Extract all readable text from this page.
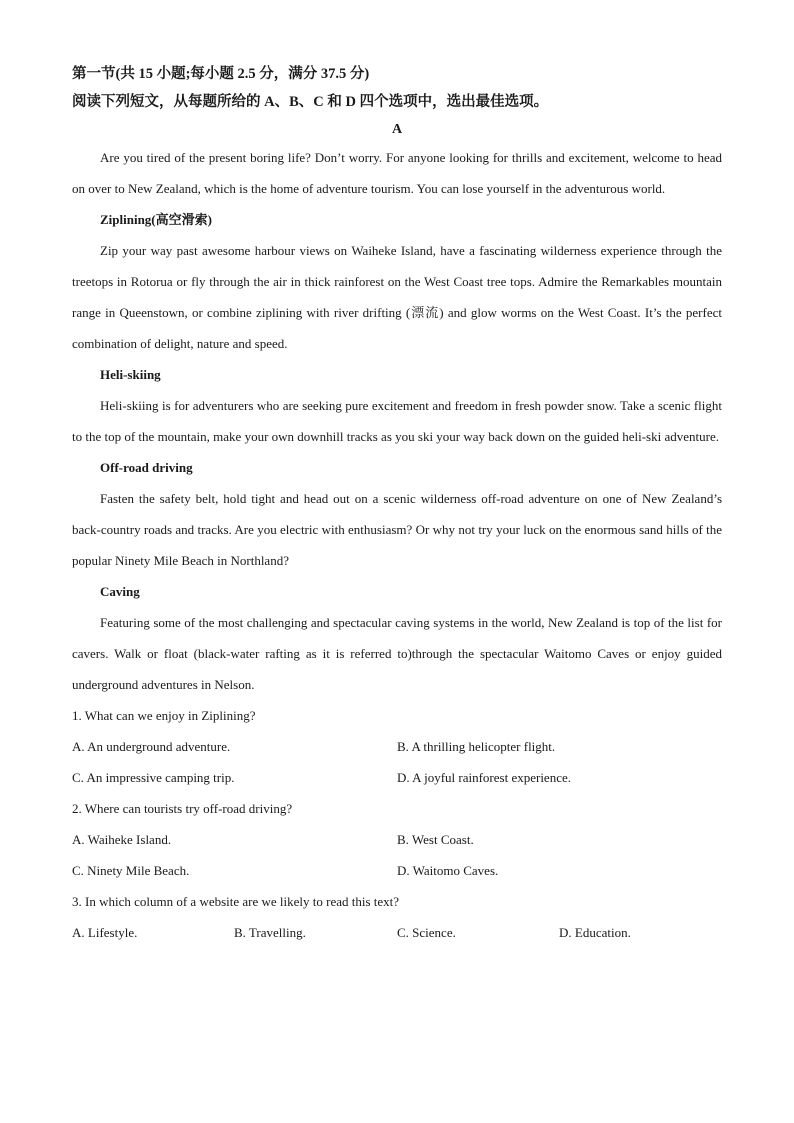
第一节(共 15 小题;每小题 2.5 分，满分 37.5 分)

阅读下列短文，从每题所给的 A、B、C 和 D 四个选项中，选出最佳选项。

A

Are you tired of the present boring life? Don’t worry. For anyone looking for thrills and excitement, welcome to head on over to New Zealand, which is the home of adventure tourism. You can lose yourself in the adventurous world.

Ziplining(高空滑索)

Zip your way past awesome harbour views on Waiheke Island, have a fascinating wilderness experience through the treetops in Rotorua or fly through the air in thick rainforest on the West Coast tree tops. Admire the Remarkables mountain range in Queenstown, or combine ziplining with river drifting (漂流) and glow worms on the West Coast. It’s the perfect combination of delight, nature and speed.

Heli-skiing

Heli-skiing is for adventurers who are seeking pure excitement and freedom in fresh powder snow. Take a scenic flight to the top of the mountain, make your own downhill tracks as you ski your way back down on the guided heli-ski adventure.

Off-road driving

Fasten the safety belt, hold tight and head out on a scenic wilderness off-road adventure on one of New Zealand’s back-country roads and tracks. Are you electric with enthusiasm? Or why not try your luck on the enormous sand hills of the popular Ninety Mile Beach in Northland?

Caving

Featuring some of the most challenging and spectacular caving systems in the world, New Zealand is top of the list for cavers. Walk or float (black-water rafting as it is referred to)through the spectacular Waitomo Caves or enjoy guided underground adventures in Nelson.

1. What can we enjoy in Ziplining?

A. An underground adventure.	B. A thrilling helicopter flight.
C. An impressive camping trip.	D. A joyful rainforest experience.

2. Where can tourists try off-road driving?

A. Waiheke Island.	B. West Coast.
C. Ninety Mile Beach.	D. Waitomo Caves.

3. In which column of a website are we likely to read this text?

A. Lifestyle.	B. Travelling.	C. Science.	D. Education.
